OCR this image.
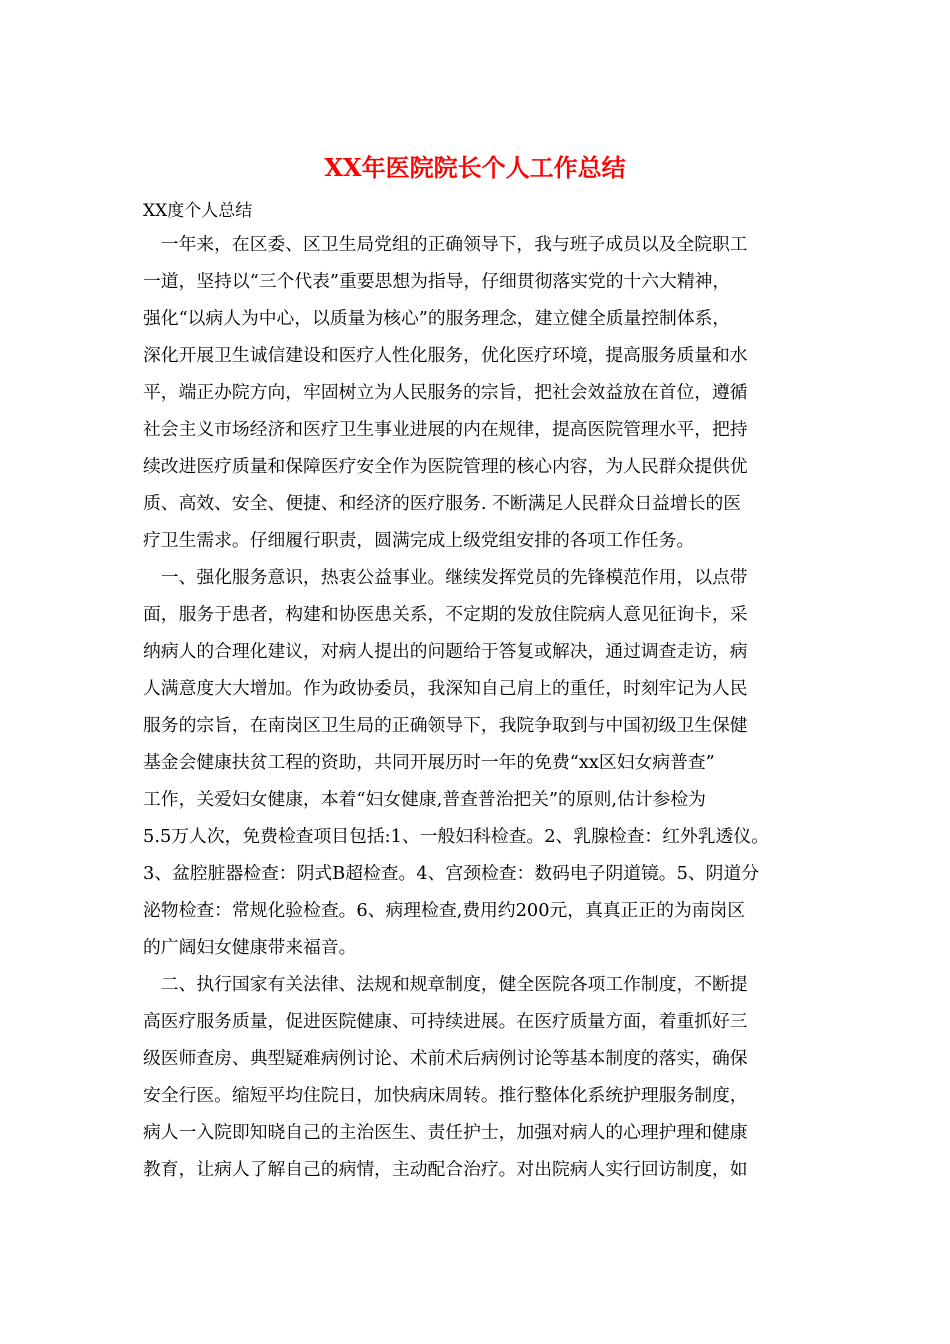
XX年医院院长个人工作总结

XX度个人总结

　一年来，在区委、区卫生局党组的正确领导下，我与班子成员以及全院职工
一道，坚持以“三个代表”重要思想为指导，仔细贯彻落实党的十六大精神，
强化“以病人为中心，以质量为核心”的服务理念，建立健全质量控制体系，
深化开展卫生诚信建设和医疗人性化服务，优化医疗环境，提高服务质量和水
平，端正办院方向，牢固树立为人民服务的宗旨，把社会效益放在首位，遵循
社会主义市场经济和医疗卫生事业进展的内在规律，提高医院管理水平，把持
续改进医疗质量和保障医疗安全作为医院管理的核心内容，为人民群众提供优
质、高效、安全、便捷、和经济的医疗服务. 不断满足人民群众日益增长的医
疗卫生需求。仔细履行职责，圆满完成上级党组安排的各项工作任务。
　一、强化服务意识，热衷公益事业。继续发挥党员的先锋模范作用，以点带
面，服务于患者，构建和协医患关系，不定期的发放住院病人意见征询卡，采
纳病人的合理化建议，对病人提出的问题给于答复或解决，通过调查走访，病
人满意度大大增加。作为政协委员，我深知自己肩上的重任，时刻牢记为人民
服务的宗旨，在南岗区卫生局的正确领导下，我院争取到与中国初级卫生保健
基金会健康扶贫工程的资助，共同开展历时一年的免费“xx区妇女病普查”
工作，关爱妇女健康，本着“妇女健康,普查普治把关”的原则,估计参检为
5.5万人次，免费检查项目包括:1、一般妇科检查。2、乳腺检查：红外乳透仪。
3、盆腔脏器检查：阴式B超检查。4、宫颈检查：数码电子阴道镜。5、阴道分
泌物检查：常规化验检查。6、病理检查,费用约200元，真真正正的为南岗区
的广阔妇女健康带来福音。
　二、执行国家有关法律、法规和规章制度，健全医院各项工作制度，不断提
高医疗服务质量，促进医院健康、可持续进展。在医疗质量方面，着重抓好三
级医师查房、典型疑难病例讨论、术前术后病例讨论等基本制度的落实，确保
安全行医。缩短平均住院日，加快病床周转。推行整体化系统护理服务制度，
病人一入院即知晓自己的主治医生、责任护士，加强对病人的心理护理和健康
教育，让病人了解自己的病情，主动配合治疗。对出院病人实行回访制度，如
